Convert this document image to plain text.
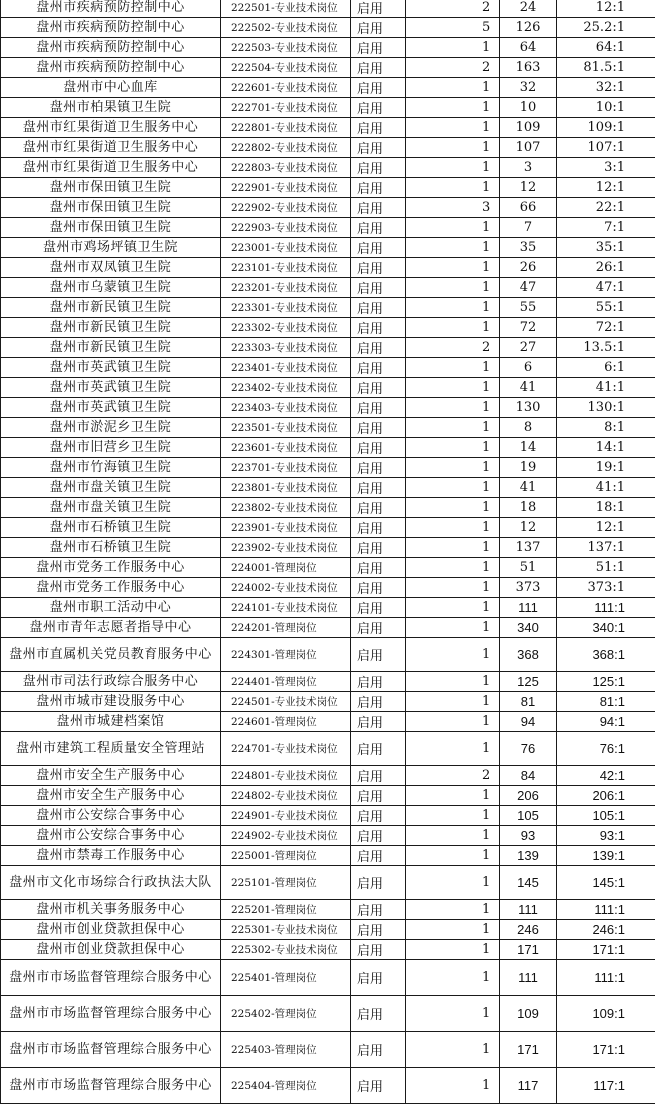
盘州市疾病预防控制中心	222501-专业技术岗位	启用	2	24	12:1
盘州市疾病预防控制中心	222502-专业技术岗位	启用	5	126	25.2:1
盘州市疾病预防控制中心	222503-专业技术岗位	启用	1	64	64:1
盘州市疾病预防控制中心	222504-专业技术岗位	启用	2	163	81.5:1
盘州市中心血库	222601-专业技术岗位	启用	1	32	32:1
盘州市柏果镇卫生院	222701-专业技术岗位	启用	1	10	10:1
盘州市红果街道卫生服务中心	222801-专业技术岗位	启用	1	109	109:1
盘州市红果街道卫生服务中心	222802-专业技术岗位	启用	1	107	107:1
盘州市红果街道卫生服务中心	222803-专业技术岗位	启用	1	3	3:1
盘州市保田镇卫生院	222901-专业技术岗位	启用	1	12	12:1
盘州市保田镇卫生院	222902-专业技术岗位	启用	3	66	22:1
盘州市保田镇卫生院	222903-专业技术岗位	启用	1	7	7:1
盘州市鸡场坪镇卫生院	223001-专业技术岗位	启用	1	35	35:1
盘州市双凤镇卫生院	223101-专业技术岗位	启用	1	26	26:1
盘州市乌蒙镇卫生院	223201-专业技术岗位	启用	1	47	47:1
盘州市新民镇卫生院	223301-专业技术岗位	启用	1	55	55:1
盘州市新民镇卫生院	223302-专业技术岗位	启用	1	72	72:1
盘州市新民镇卫生院	223303-专业技术岗位	启用	2	27	13.5:1
盘州市英武镇卫生院	223401-专业技术岗位	启用	1	6	6:1
盘州市英武镇卫生院	223402-专业技术岗位	启用	1	41	41:1
盘州市英武镇卫生院	223403-专业技术岗位	启用	1	130	130:1
盘州市淤泥乡卫生院	223501-专业技术岗位	启用	1	8	8:1
盘州市旧营乡卫生院	223601-专业技术岗位	启用	1	14	14:1
盘州市竹海镇卫生院	223701-专业技术岗位	启用	1	19	19:1
盘州市盘关镇卫生院	223801-专业技术岗位	启用	1	41	41:1
盘州市盘关镇卫生院	223802-专业技术岗位	启用	1	18	18:1
盘州市石桥镇卫生院	223901-专业技术岗位	启用	1	12	12:1
盘州市石桥镇卫生院	223902-专业技术岗位	启用	1	137	137:1
盘州市党务工作服务中心	224001-管理岗位	启用	1	51	51:1
盘州市党务工作服务中心	224002-专业技术岗位	启用	1	373	373:1
盘州市职工活动中心	224101-专业技术岗位	启用	1	111	111:1
盘州市青年志愿者指导中心	224201-管理岗位	启用	1	340	340:1
盘州市直属机关党员教育服务中心	224301-管理岗位	启用	1	368	368:1
盘州市司法行政综合服务中心	224401-管理岗位	启用	1	125	125:1
盘州市城市建设服务中心	224501-专业技术岗位	启用	1	81	81:1
盘州市城建档案馆	224601-管理岗位	启用	1	94	94:1
盘州市建筑工程质量安全管理站	224701-专业技术岗位	启用	1	76	76:1
盘州市安全生产服务中心	224801-专业技术岗位	启用	2	84	42:1
盘州市安全生产服务中心	224802-专业技术岗位	启用	1	206	206:1
盘州市公安综合事务中心	224901-专业技术岗位	启用	1	105	105:1
盘州市公安综合事务中心	224902-专业技术岗位	启用	1	93	93:1
盘州市禁毒工作服务中心	225001-管理岗位	启用	1	139	139:1
盘州市文化市场综合行政执法大队	225101-管理岗位	启用	1	145	145:1
盘州市机关事务服务中心	225201-管理岗位	启用	1	111	111:1
盘州市创业贷款担保中心	225301-专业技术岗位	启用	1	246	246:1
盘州市创业贷款担保中心	225302-专业技术岗位	启用	1	171	171:1
盘州市市场监督管理综合服务中心	225401-管理岗位	启用	1	111	111:1
盘州市市场监督管理综合服务中心	225402-管理岗位	启用	1	109	109:1
盘州市市场监督管理综合服务中心	225403-管理岗位	启用	1	171	171:1
盘州市市场监督管理综合服务中心	225404-管理岗位	启用	1	117	117:1
